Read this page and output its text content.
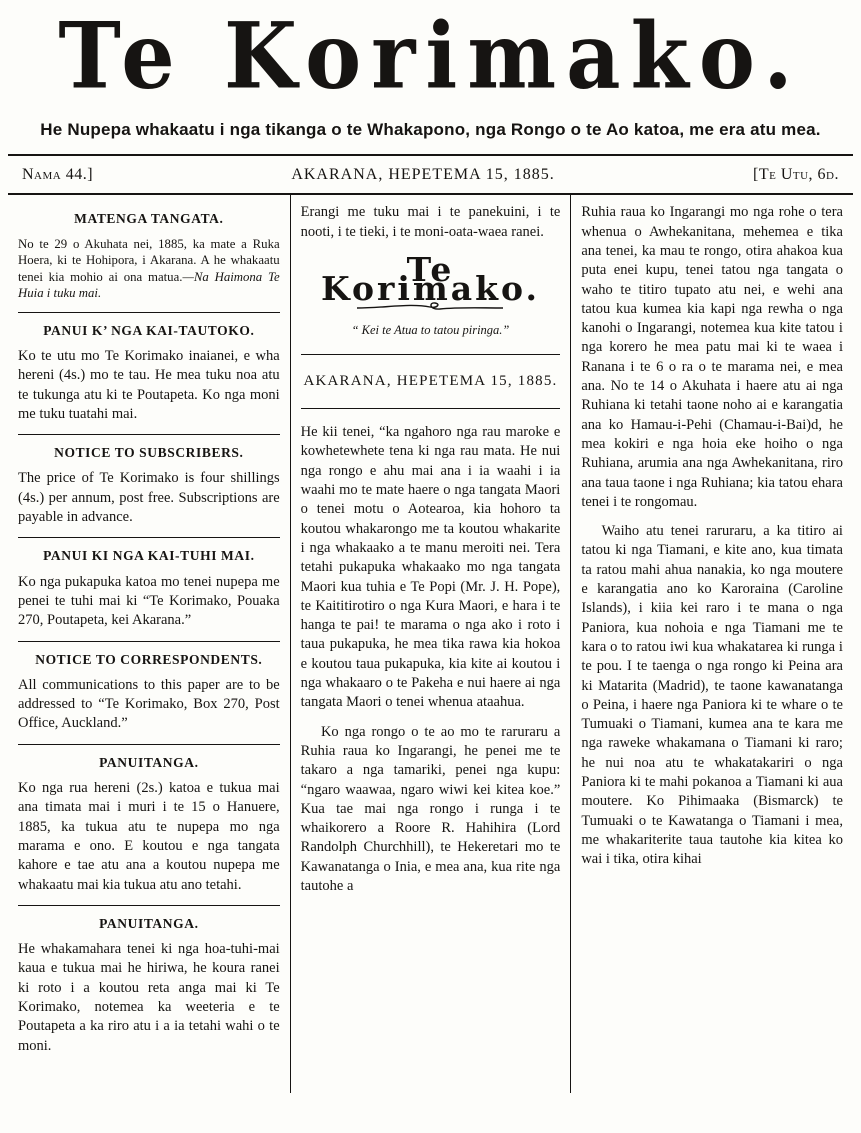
Te Korimako.

He Nupepa whakaatu i nga tikanga o te Whakapono, nga Rongo o te Ao katoa, me era atu mea.

Nama 44.]	AKARANA, HEPETEMA 15, 1885.	[Te Utu, 6d.
MATENGA TANGATA.

No te 29 o Akuhata nei, 1885, ka mate a Ruka Hoera, ki te Hohipora, i Akarana. A he whakaatu tenei kia mohio ai ona matua.—Na Haimona Te Huia i tuku mai.

PANUI K’ NGA KAI-TAUTOKO.

Ko te utu mo Te Korimako inaianei, e wha hereni (4s.) mo te tau. He mea tuku noa atu te tukunga atu ki te Poutapeta. Ko nga moni me tuku tuatahi mai.

NOTICE TO SUBSCRIBERS.

The price of Te Korimako is four shillings (4s.) per annum, post free. Subscriptions are payable in advance.

PANUI KI NGA KAI-TUHI MAI.

Ko nga pukapuka katoa mo tenei nupepa me penei te tuhi mai ki “Te Korimako, Pouaka 270, Poutapeta, kei Akarana.”

NOTICE TO CORRESPONDENTS.

All communications to this paper are to be addressed to “Te Korimako, Box 270, Post Office, Auckland.”

PANUITANGA.

Ko nga rua hereni (2s.) katoa e tukua mai ana timata mai i muri i te 15 o Hanuere, 1885, ka tukua atu te nupepa mo nga marama e ono. E koutou e nga tangata kahore e tae atu ana a koutou nupepa me whakaatu mai kia tukua atu ano tetahi.

PANUITANGA.

He whakamahara tenei ki nga hoa-tuhi-mai kaua e tukua mai he hiriwa, he koura ranei ki roto i a koutou reta anga mai ki Te Korimako, notemea ka weeteria e te Poutapeta a ka riro atu i a ia tetahi wahi o te moni.

Erangi me tuku mai i te panekuini, i te nooti, i te tieki, i te moni-oata-waea ranei.

Te Korimako.
“ Kei te Atua to tatou piringa.”
AKARANA, HEPETEMA 15, 1885.

He kii tenei, “ka ngahoro nga rau maroke e kowhetewhete tena ki nga rau mata. He nui nga rongo e ahu mai ana i ia waahi i ia waahi mo te mate haere o nga tangata Maori o tenei motu o Aotearoa, kia hohoro ta koutou whakarongo me ta koutou whakarite i nga whakaako a te manu meroiti nei. Tera tetahi pukapuka whakaako mo nga tangata Maori kua tuhia e Te Popi (Mr. J. H. Pope), te Kaititirotiro o nga Kura Maori, e hara i te hanga te pai! te marama o nga ako i roto i taua pukapuka, he mea tika rawa kia hokoa e koutou taua pukapuka, kia kite ai koutou i nga whakaaro o te Pakeha e nui haere ai nga tangata Maori o tenei whenua ataahua.

Ko nga rongo o te ao mo te raruraru a Ruhia raua ko Ingarangi, he penei me te takaro a nga tamariki, penei nga kupu: “ngaro waawaa, ngaro wiwi kei kitea koe.” Kua tae mai nga rongo i runga i te whaikorero a Roore R. Hahihira (Lord Randolph Churchhill), te Hekeretari mo te Kawanatanga o Inia, e mea ana, kua rite nga tautohe a

Ruhia raua ko Ingarangi mo nga rohe o tera whenua o Awhekanitana, mehemea e tika ana tenei, ka mau te rongo, otira ahakoa kua puta enei kupu, tenei tatou nga tangata o waho te titiro tupato atu nei, e wehi ana tatou kua kumea kia kapi nga rewha o nga kanohi o Ingarangi, notemea kua kite tatou i nga korero he mea patu mai ki te waea i Ranana i te 6 o ra o te marama nei, e mea ana. No te 14 o Akuhata i haere atu ai nga Ruhiana ki tetahi taone noho ai e karangatia ana ko Hamau-i-Pehi (Chamau-i-Bai)d, he mea kokiri e nga hoia eke hoiho o nga Ruhiana, arumia ana nga Awhekanitana, riro ana taua taone i nga Ruhiana; kia tatou ehara tenei i te rongomau.

Waiho atu tenei raruraru, a ka titiro ai tatou ki nga Tiamani, e kite ano, kua timata ta ratou mahi ahua nanakia, ko nga moutere e karangatia ano ko Karoraina (Caroline Islands), i kiia kei raro i te mana o nga Paniora, kua nohoia e nga Tiamani me te kara o to ratou iwi kua whakatarea ki runga i te pou. I te taenga o nga rongo ki Peina ara ki Matarita (Madrid), te taone kawanatanga o Peina, i haere nga Paniora ki te whare o te Tumuaki o Tiamani, kumea ana te kara me nga raweke whakamana o Tiamani ki raro; he nui noa atu te whakatakariri o nga Paniora ki te mahi pokanoa a Tiamani ki aua moutere. Ko Pihimaaka (Bismarck) te Tumuaki o te Kawatanga o Tiamani i mea, me whakariterite taua tautohe kia kitea ko wai i tika, otira kihai
